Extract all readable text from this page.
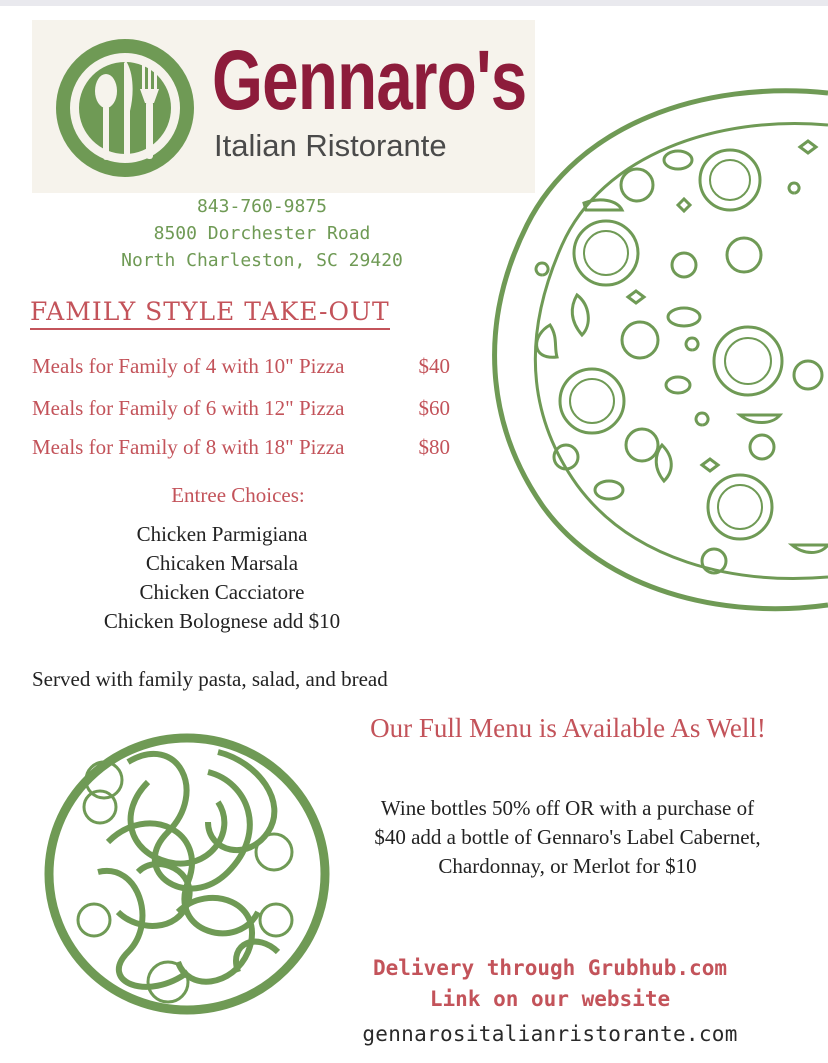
Gennaro's
Italian Ristorante
843-760-9875
8500 Dorchester Road
North Charleston, SC 29420
FAMILY STYLE TAKE-OUT
Meals for Family of 4 with 10" Pizza	$40
Meals for Family of 6 with 12" Pizza	$60
Meals for Family of 8 with 18" Pizza	$80
Entree Choices:
Chicken Parmigiana
Chicaken Marsala
Chicken Cacciatore
Chicken Bolognese add $10
Served with family pasta, salad, and bread
Our Full Menu is Available As Well!
Wine bottles 50% off OR with a purchase of
$40 add a bottle of Gennaro's Label Cabernet,
Chardonnay, or Merlot for $10
Delivery through Grubhub.com
Link on our website
gennarositalianristorante.com
